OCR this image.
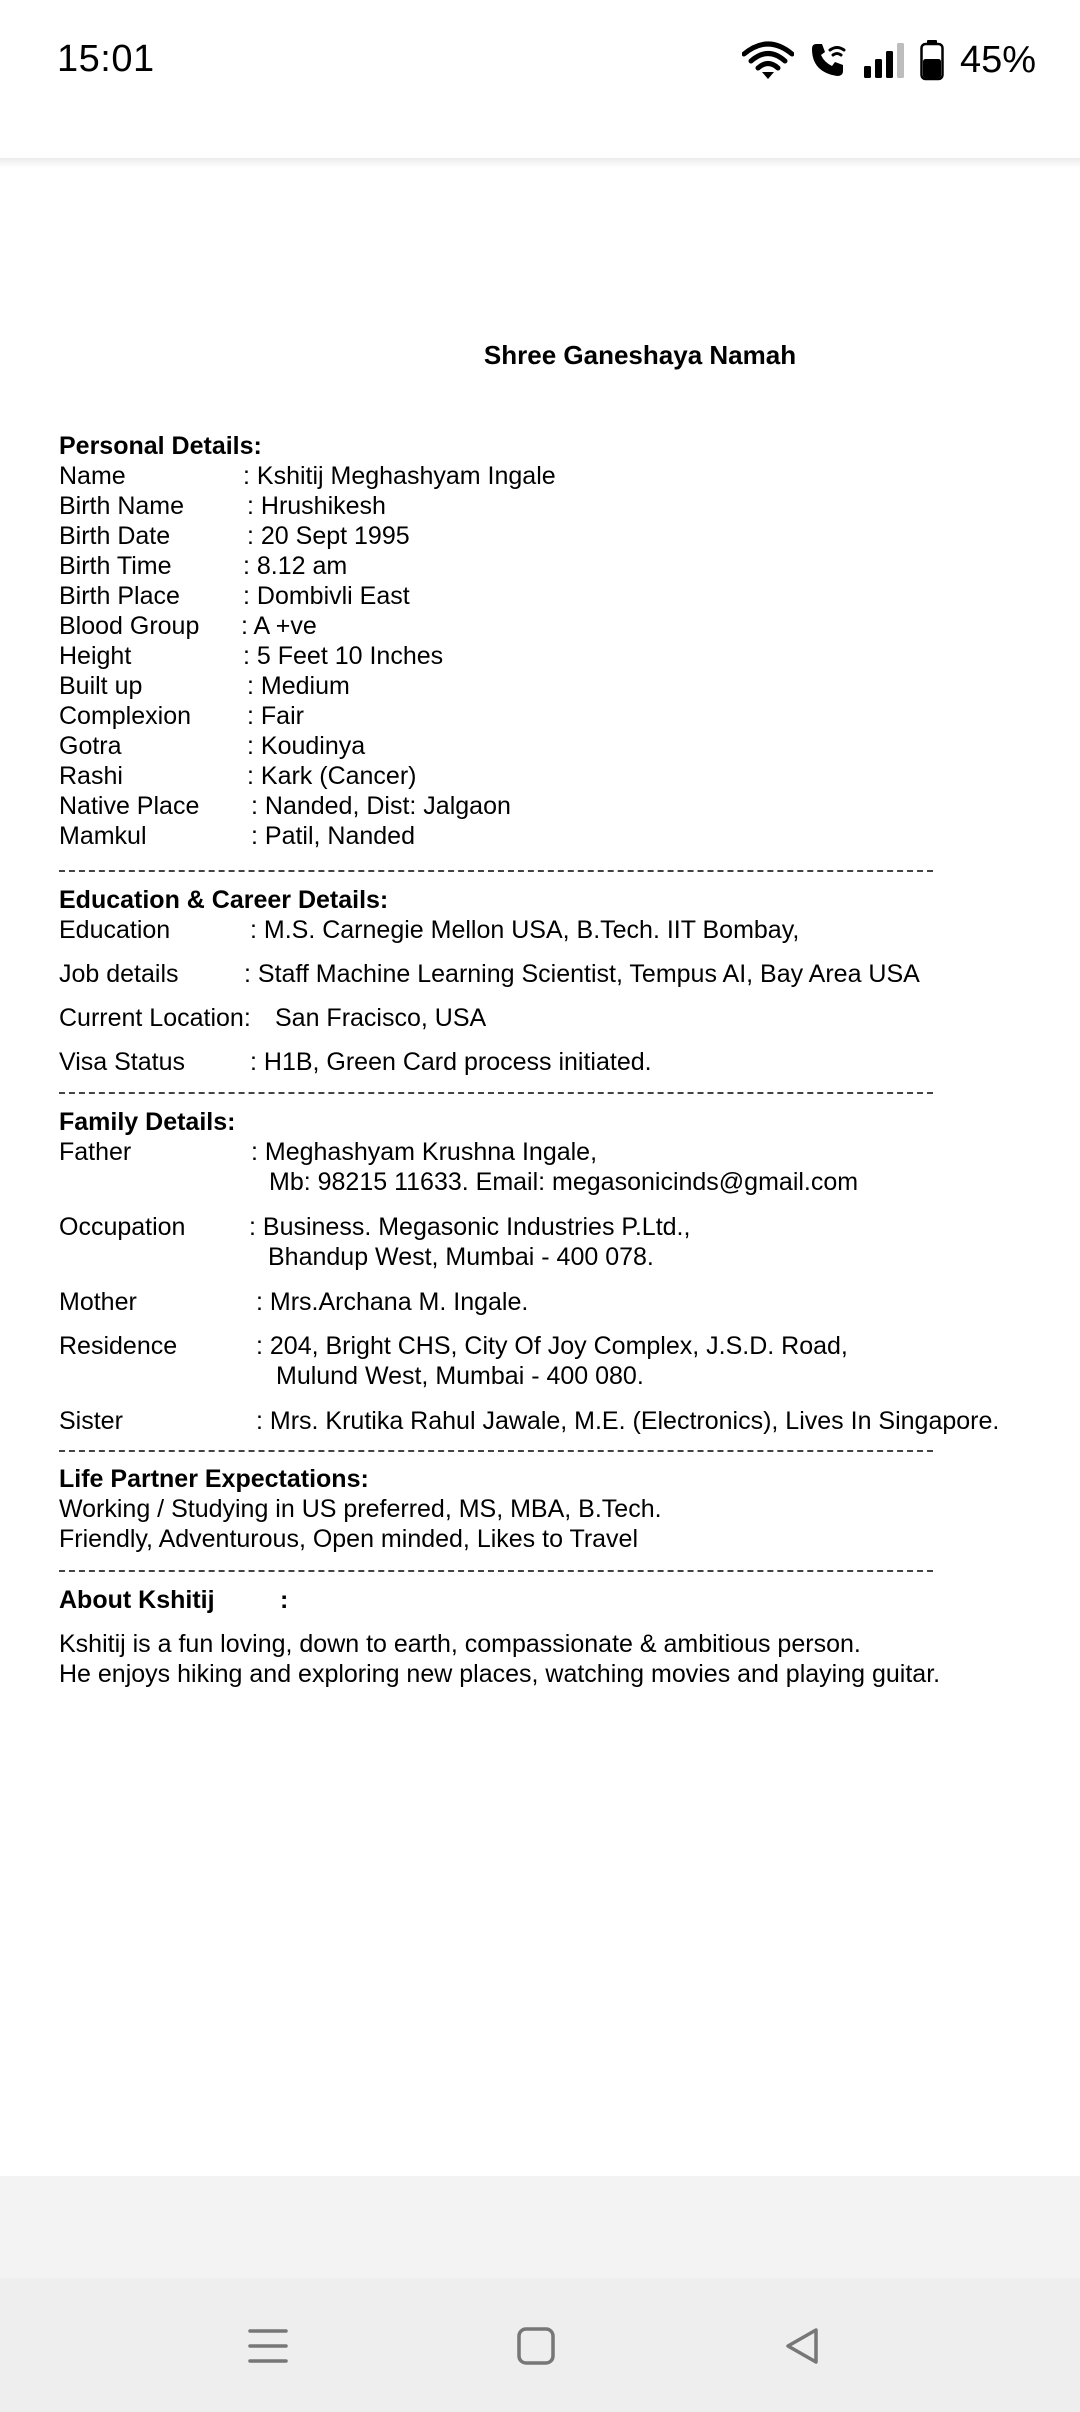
15:01	45%
Shree Ganeshaya Namah
Personal Details:
Name	: Kshitij Meghashyam Ingale
Birth Name	: Hrushikesh
Birth Date	: 20 Sept 1995
Birth Time	: 8.12 am
Birth Place	: Dombivli East
Blood Group : A +ve
Height	: 5 Feet 10 Inches
Built up	: Medium
Complexion : Fair
Gotra	: Koudinya
Rashi	: Kark (Cancer)
Native Place : Nanded, Dist: Jalgaon
Mamkul	: Patil, Nanded
Education & Career Details:
Education	: M.S. Carnegie Mellon USA, B.Tech. IIT Bombay,
Job details	: Staff Machine Learning Scientist, Tempus AI, Bay Area USA
Current Location: San Fracisco, USA
Visa Status	: H1B, Green Card process initiated.
Family Details:
Father	: Meghashyam Krushna Ingale,
Mb: 98215 11633. Email: megasonicinds@gmail.com
Occupation	: Business. Megasonic Industries P.Ltd.,
Bhandup West, Mumbai - 400 078.
Mother	: Mrs.Archana M. Ingale.
Residence	: 204, Bright CHS, City Of Joy Complex, J.S.D. Road,
Mulund West, Mumbai - 400 080.
Sister	: Mrs. Krutika Rahul Jawale, M.E. (Electronics), Lives In Singapore.
Life Partner Expectations:
Working / Studying in US preferred, MS, MBA, B.Tech.
Friendly, Adventurous, Open minded, Likes to Travel
About Kshitij	:
Kshitij is a fun loving, down to earth, compassionate & ambitious person.
He enjoys hiking and exploring new places, watching movies and playing guitar.
